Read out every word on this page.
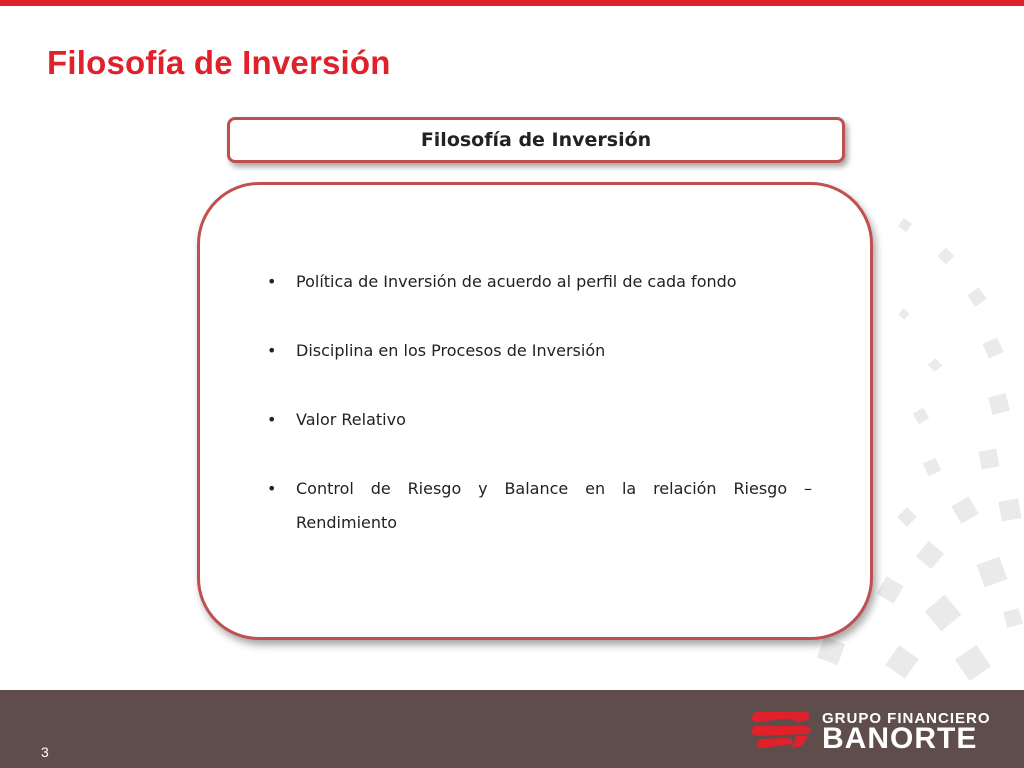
Filosofía de Inversión
Filosofía de Inversión
• Política de Inversión de acuerdo al perfil de cada fondo
• Disciplina en los Procesos de Inversión
• Valor Relativo
• Control de Riesgo y Balance en la relación Riesgo – Rendimiento
3
GRUPO FINANCIERO
BANORTE
